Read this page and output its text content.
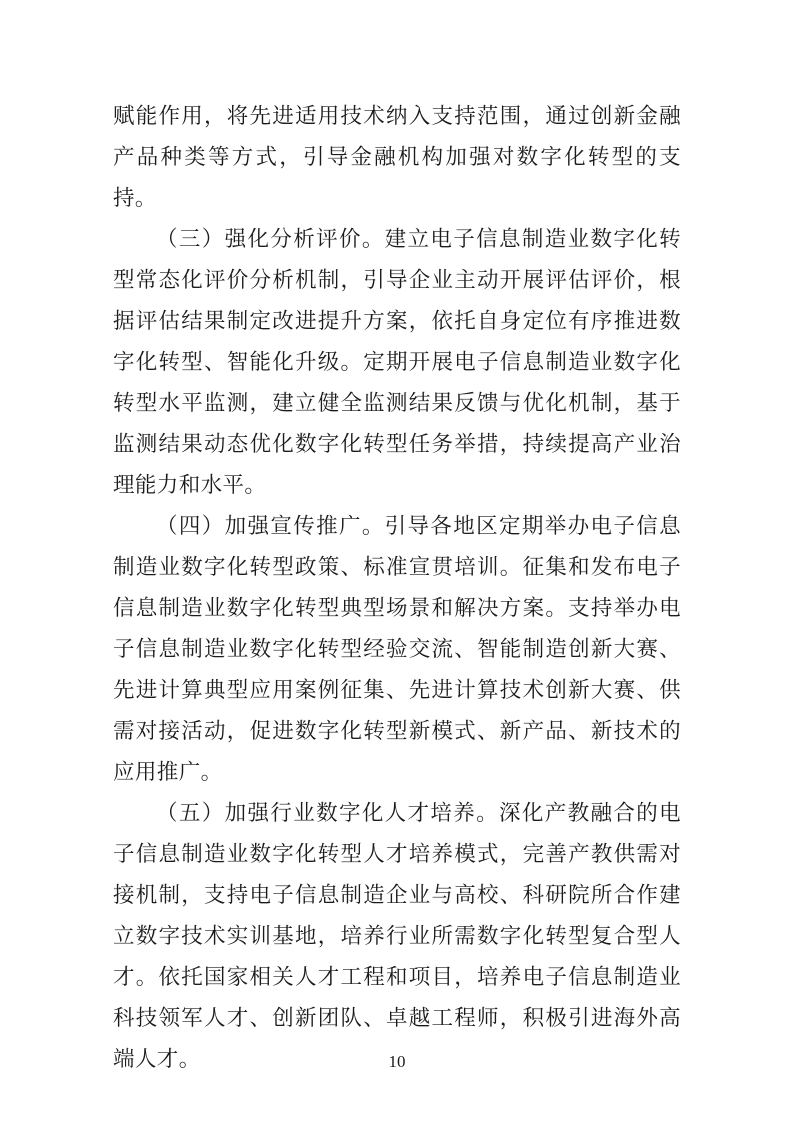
赋能作用，将先进适用技术纳入支持范围，通过创新金融产品种类等方式，引导金融机构加强对数字化转型的支持。

（三）强化分析评价。建立电子信息制造业数字化转型常态化评价分析机制，引导企业主动开展评估评价，根据评估结果制定改进提升方案，依托自身定位有序推进数字化转型、智能化升级。定期开展电子信息制造业数字化转型水平监测，建立健全监测结果反馈与优化机制，基于监测结果动态优化数字化转型任务举措，持续提高产业治理能力和水平。

（四）加强宣传推广。引导各地区定期举办电子信息制造业数字化转型政策、标准宣贯培训。征集和发布电子信息制造业数字化转型典型场景和解决方案。支持举办电子信息制造业数字化转型经验交流、智能制造创新大赛、先进计算典型应用案例征集、先进计算技术创新大赛、供需对接活动，促进数字化转型新模式、新产品、新技术的应用推广。

（五）加强行业数字化人才培养。深化产教融合的电子信息制造业数字化转型人才培养模式，完善产教供需对接机制，支持电子信息制造企业与高校、科研院所合作建立数字技术实训基地，培养行业所需数字化转型复合型人才。依托国家相关人才工程和项目，培养电子信息制造业科技领军人才、创新团队、卓越工程师，积极引进海外高端人才。	10
